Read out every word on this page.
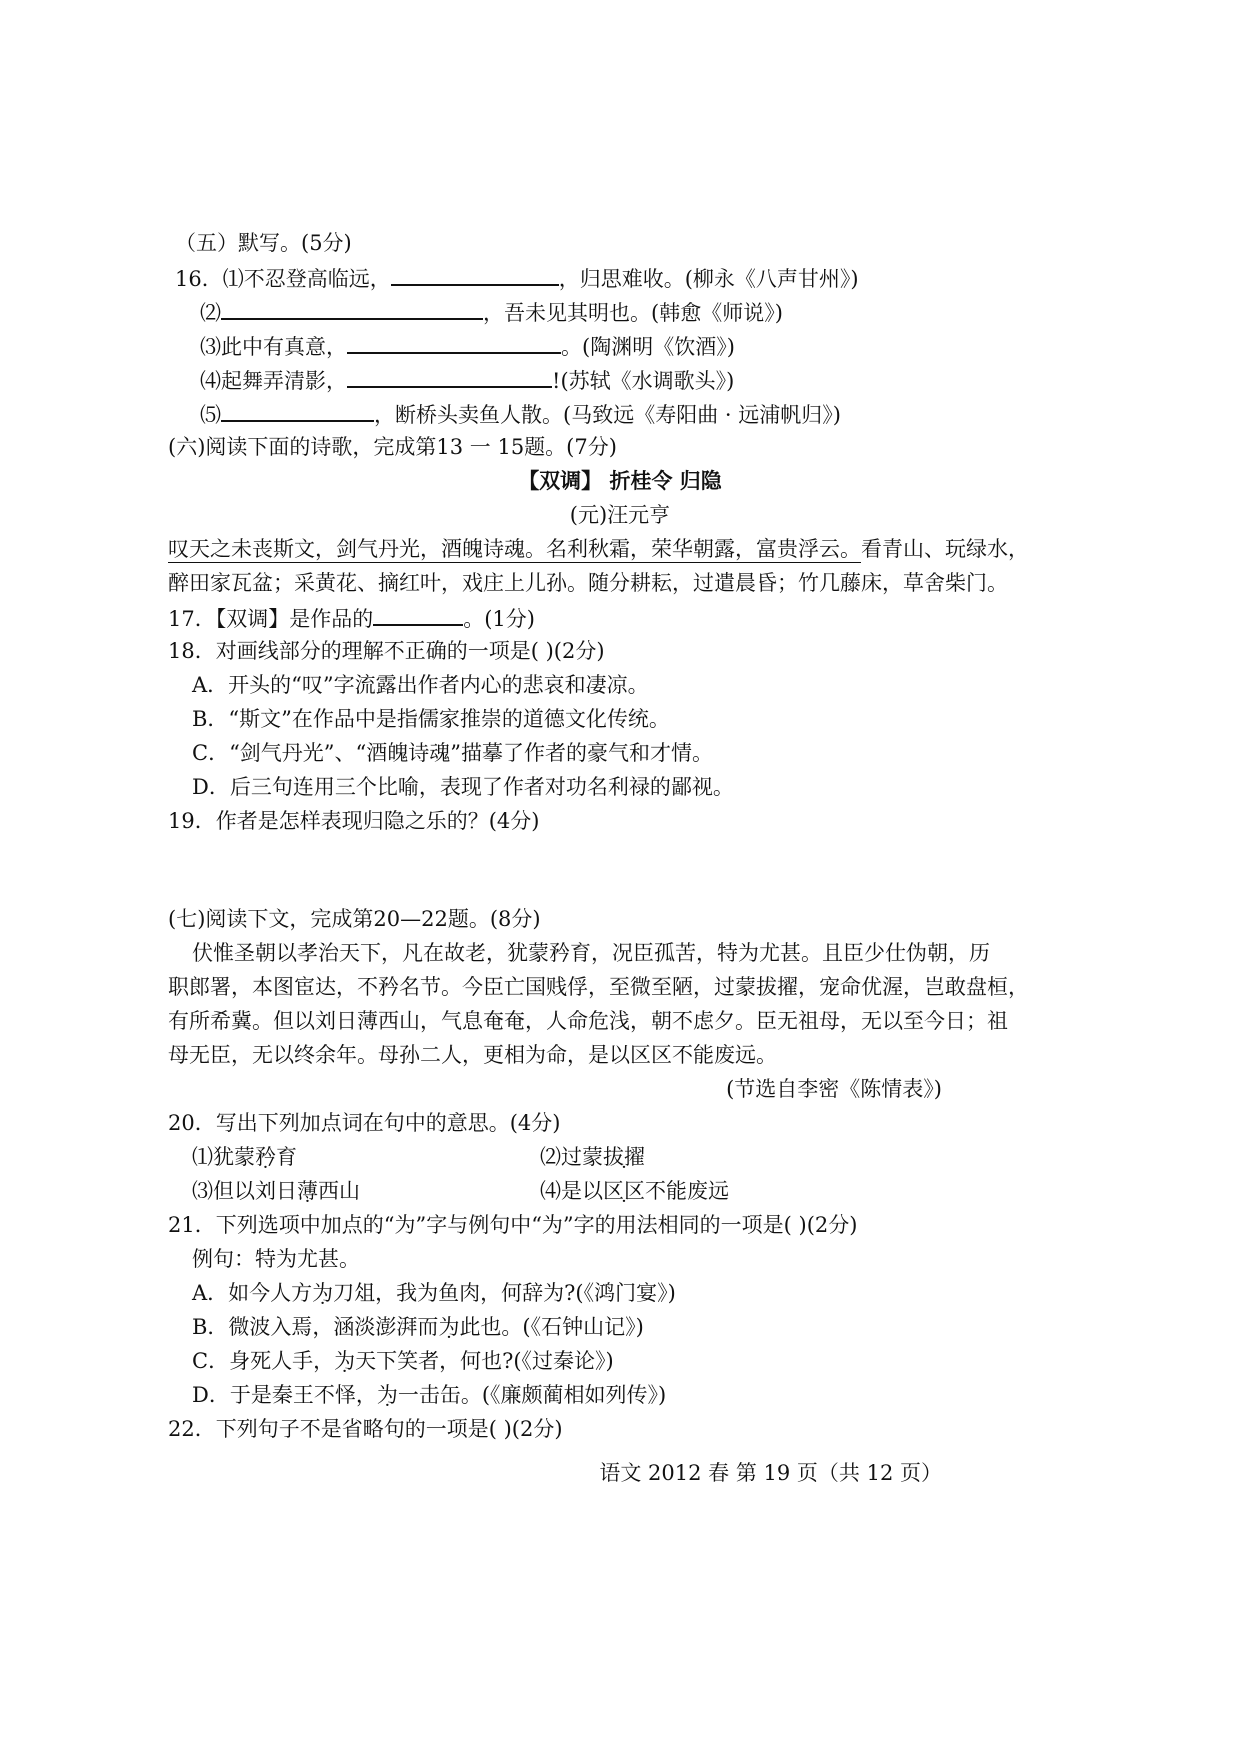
（五）默写。(5分)
16．⑴不忍登高临远，	，归思难收。(柳永《八声甘州》)
⑵	，吾未见其明也。(韩愈《师说》)
⑶此中有真意，	。(陶渊明《饮酒》)
⑷起舞弄清影，	!(苏轼《水调歌头》)
⑸	，断桥头卖鱼人散。(马致远《寿阳曲 · 远浦帆归》)
(六)阅读下面的诗歌，完成第13 一 15题。(7分)
【双调】 折桂令 归隐
(元)汪元亨
叹天之未丧斯文，剑气丹光，酒魄诗魂。名利秋霜，荣华朝露，富贵浮云。看青山、玩绿水，
醉田家瓦盆；采黄花、摘红叶，戏庄上儿孙。随分耕耘，过遣晨昏；竹几藤床，草舍柴门。
17．【双调】是作品的	。(1分)
18．对画线部分的理解不正确的一项是( )(2分)
A．开头的“叹”字流露出作者内心的悲哀和凄凉。
B．“斯文”在作品中是指儒家推崇的道德文化传统。
C．“剑气丹光”、“酒魄诗魂”描摹了作者的豪气和才情。
D．后三句连用三个比喻，表现了作者对功名利禄的鄙视。
19．作者是怎样表现归隐之乐的？(4分)
(七)阅读下文，完成第20—22题。(8分)
伏惟圣朝以孝治天下，凡在故老，犹蒙矜育，况臣孤苦，特为尤甚。且臣少仕伪朝，历
职郎署，本图宦达，不矜名节。今臣亡国贱俘，至微至陋，过蒙拔擢，宠命优渥，岂敢盘桓，
有所希冀。但以刘日薄西山，气息奄奄，人命危浅，朝不虑夕。臣无祖母，无以至今日；祖
母无臣，无以终余年。母孙二人，更相为命，是以区区不能废远。
(节选自李密《陈情表》)
20．写出下列加点词在句中的意思。(4分)
⑴犹蒙矜育	⑵过蒙拔擢
⑶但以刘日薄西山	⑷是以区区不能废远
21．下列选项中加点的“为”字与例句中“为”字的用法相同的一项是( )(2分)
例句：特为尤甚。
A．如今人方为刀俎，我为鱼肉，何辞为?(《鸿门宴》)
B．微波入焉，涵淡澎湃而为此也。(《石钟山记》)
C．身死人手，为天下笑者，何也?(《过秦论》)
D．于是秦王不怿，为一击缶。(《廉颇蔺相如列传》)
22．下列句子不是省略句的一项是( )(2分)
语文 2012 春 第 19 页（共 12 页）
